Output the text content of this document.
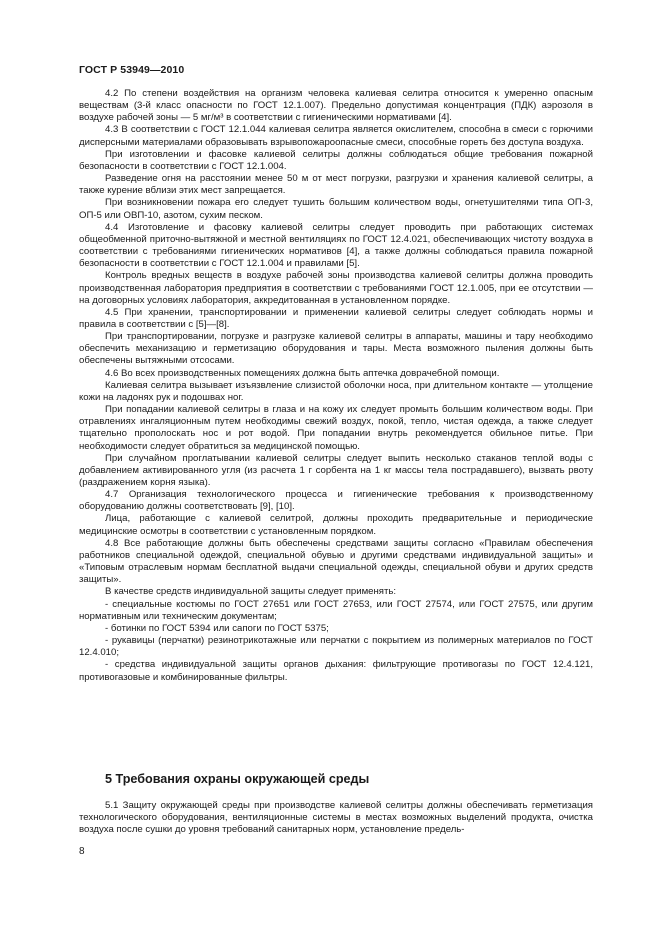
ГОСТ Р 53949—2010

4.2 По степени воздействия на организм человека калиевая селитра относится к умеренно опасным веществам (3-й класс опасности по ГОСТ 12.1.007). Предельно допустимая концентрация (ПДК) аэрозоля в воздухе рабочей зоны — 5 мг/м³ в соответствии с гигиеническими нормативами [4].

4.3 В соответствии с ГОСТ 12.1.044 калиевая селитра является окислителем, способна в смеси с горючими дисперсными материалами образовывать взрывопожароопасные смеси, способные гореть без доступа воздуха.

При изготовлении и фасовке калиевой селитры должны соблюдаться общие требования пожарной безопасности в соответствии с ГОСТ 12.1.004.

Разведение огня на расстоянии менее 50 м от мест погрузки, разгрузки и хранения калиевой селитры, а также курение вблизи этих мест запрещается.

При возникновении пожара его следует тушить большим количеством воды, огнетушителями типа ОП-3, ОП-5 или ОВП-10, азотом, сухим песком.

4.4 Изготовление и фасовку калиевой селитры следует проводить при работающих системах общеобменной приточно-вытяжной и местной вентиляциях по ГОСТ 12.4.021, обеспечивающих чистоту воздуха в соответствии с требованиями гигиенических нормативов [4], а также должны соблюдаться правила пожарной безопасности в соответствии с ГОСТ 12.1.004 и правилами [5].

Контроль вредных веществ в воздухе рабочей зоны производства калиевой селитры должна проводить производственная лаборатория предприятия в соответствии с требованиями ГОСТ 12.1.005, при ее отсутствии — на договорных условиях лаборатория, аккредитованная в установленном порядке.

4.5 При хранении, транспортировании и применении калиевой селитры следует соблюдать нормы и правила в соответствии с [5]—[8].

При транспортировании, погрузке и разгрузке калиевой селитры в аппараты, машины и тару необходимо обеспечить механизацию и герметизацию оборудования и тары. Места возможного пыления должны быть обеспечены вытяжными отсосами.

4.6 Во всех производственных помещениях должна быть аптечка доврачебной помощи.

Калиевая селитра вызывает изъязвление слизистой оболочки носа, при длительном контакте — утолщение кожи на ладонях рук и подошвах ног.

При попадании калиевой селитры в глаза и на кожу их следует промыть большим количеством воды. При отравлениях ингаляционным путем необходимы свежий воздух, покой, тепло, чистая одежда, а также следует тщательно прополоскать нос и рот водой. При попадании внутрь рекомендуется обильное питье. При необходимости следует обратиться за медицинской помощью.

При случайном проглатывании калиевой селитры следует выпить несколько стаканов теплой воды с добавлением активированного угля (из расчета 1 г сорбента на 1 кг массы тела пострадавшего), вызвать рвоту (раздражением корня языка).

4.7 Организация технологического процесса и гигиенические требования к производственному оборудованию должны соответствовать [9], [10].

Лица, работающие с калиевой селитрой, должны проходить предварительные и периодические медицинские осмотры в соответствии с установленным порядком.

4.8 Все работающие должны быть обеспечены средствами защиты согласно «Правилам обеспечения работников специальной одеждой, специальной обувью и другими средствами индивидуальной защиты» и «Типовым отраслевым нормам бесплатной выдачи специальной одежды, специальной обуви и других средств защиты».

В качестве средств индивидуальной защиты следует применять:

- специальные костюмы по ГОСТ 27651 или ГОСТ 27653, или ГОСТ 27574, или ГОСТ 27575, или другим нормативным или техническим документам;

- ботинки по ГОСТ 5394 или сапоги по ГОСТ 5375;

- рукавицы (перчатки) резинотрикотажные или перчатки с покрытием из полимерных материалов по ГОСТ 12.4.010;

- средства индивидуальной защиты органов дыхания: фильтрующие противогазы по ГОСТ 12.4.121, противогазовые и комбинированные фильтры.

5 Требования охраны окружающей среды

5.1 Защиту окружающей среды при производстве калиевой селитры должны обеспечивать герметизация технологического оборудования, вентиляционные системы в местах возможных выделений продукта, очистка воздуха после сушки до уровня требований санитарных норм, установление предель-

8
